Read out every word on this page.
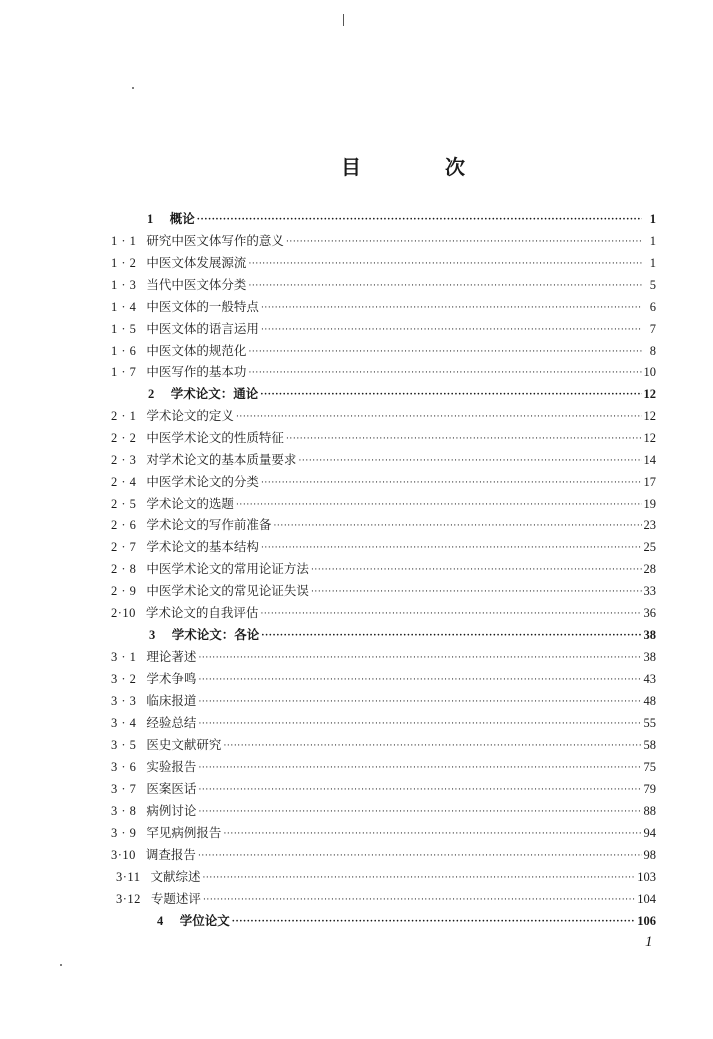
目　次
1 概论 ·····	1
1 · 1 研究中医文体写作的意义 ·····	1
1 · 2 中医文体发展源流 ·····	1
1 · 3 当代中医文体分类 ·····	5
1 · 4 中医文体的一般特点 ·····	6
1 · 5 中医文体的语言运用 ·····	7
1 · 6 中医文体的规范化 ·····	8
1 · 7 中医写作的基本功 ·····	10
2 学术论文：通论 ·····	12
2 · 1 学术论文的定义 ·····	12
2 · 2 中医学术论文的性质特征 ·····	12
2 · 3 对学术论文的基本质量要求 ·····	14
2 · 4 中医学术论文的分类 ·····	17
2 · 5 学术论文的选题 ·····	19
2 · 6 学术论文的写作前准备 ·····	23
2 · 7 学术论文的基本结构 ·····	25
2 · 8 中医学术论文的常用论证方法 ·····	28
2 · 9 中医学术论文的常见论证失误 ·····	33
2·10 学术论文的自我评估 ·····	36
3 学术论文：各论 ·····	38
3 · 1 理论著述 ·····	38
3 · 2 学术争鸣 ·····	43
3 · 3 临床报道 ·····	48
3 · 4 经验总结 ·····	55
3 · 5 医史文献研究 ·····	58
3 · 6 实验报告 ·····	75
3 · 7 医案医话 ·····	79
3 · 8 病例讨论 ·····	88
3 · 9 罕见病例报告 ·····	94
3·10 调查报告 ·····	98
3·11 文献综述 ·····	103
3·12 专题述评 ·····	104
4 学位论文 ·····	106
1
